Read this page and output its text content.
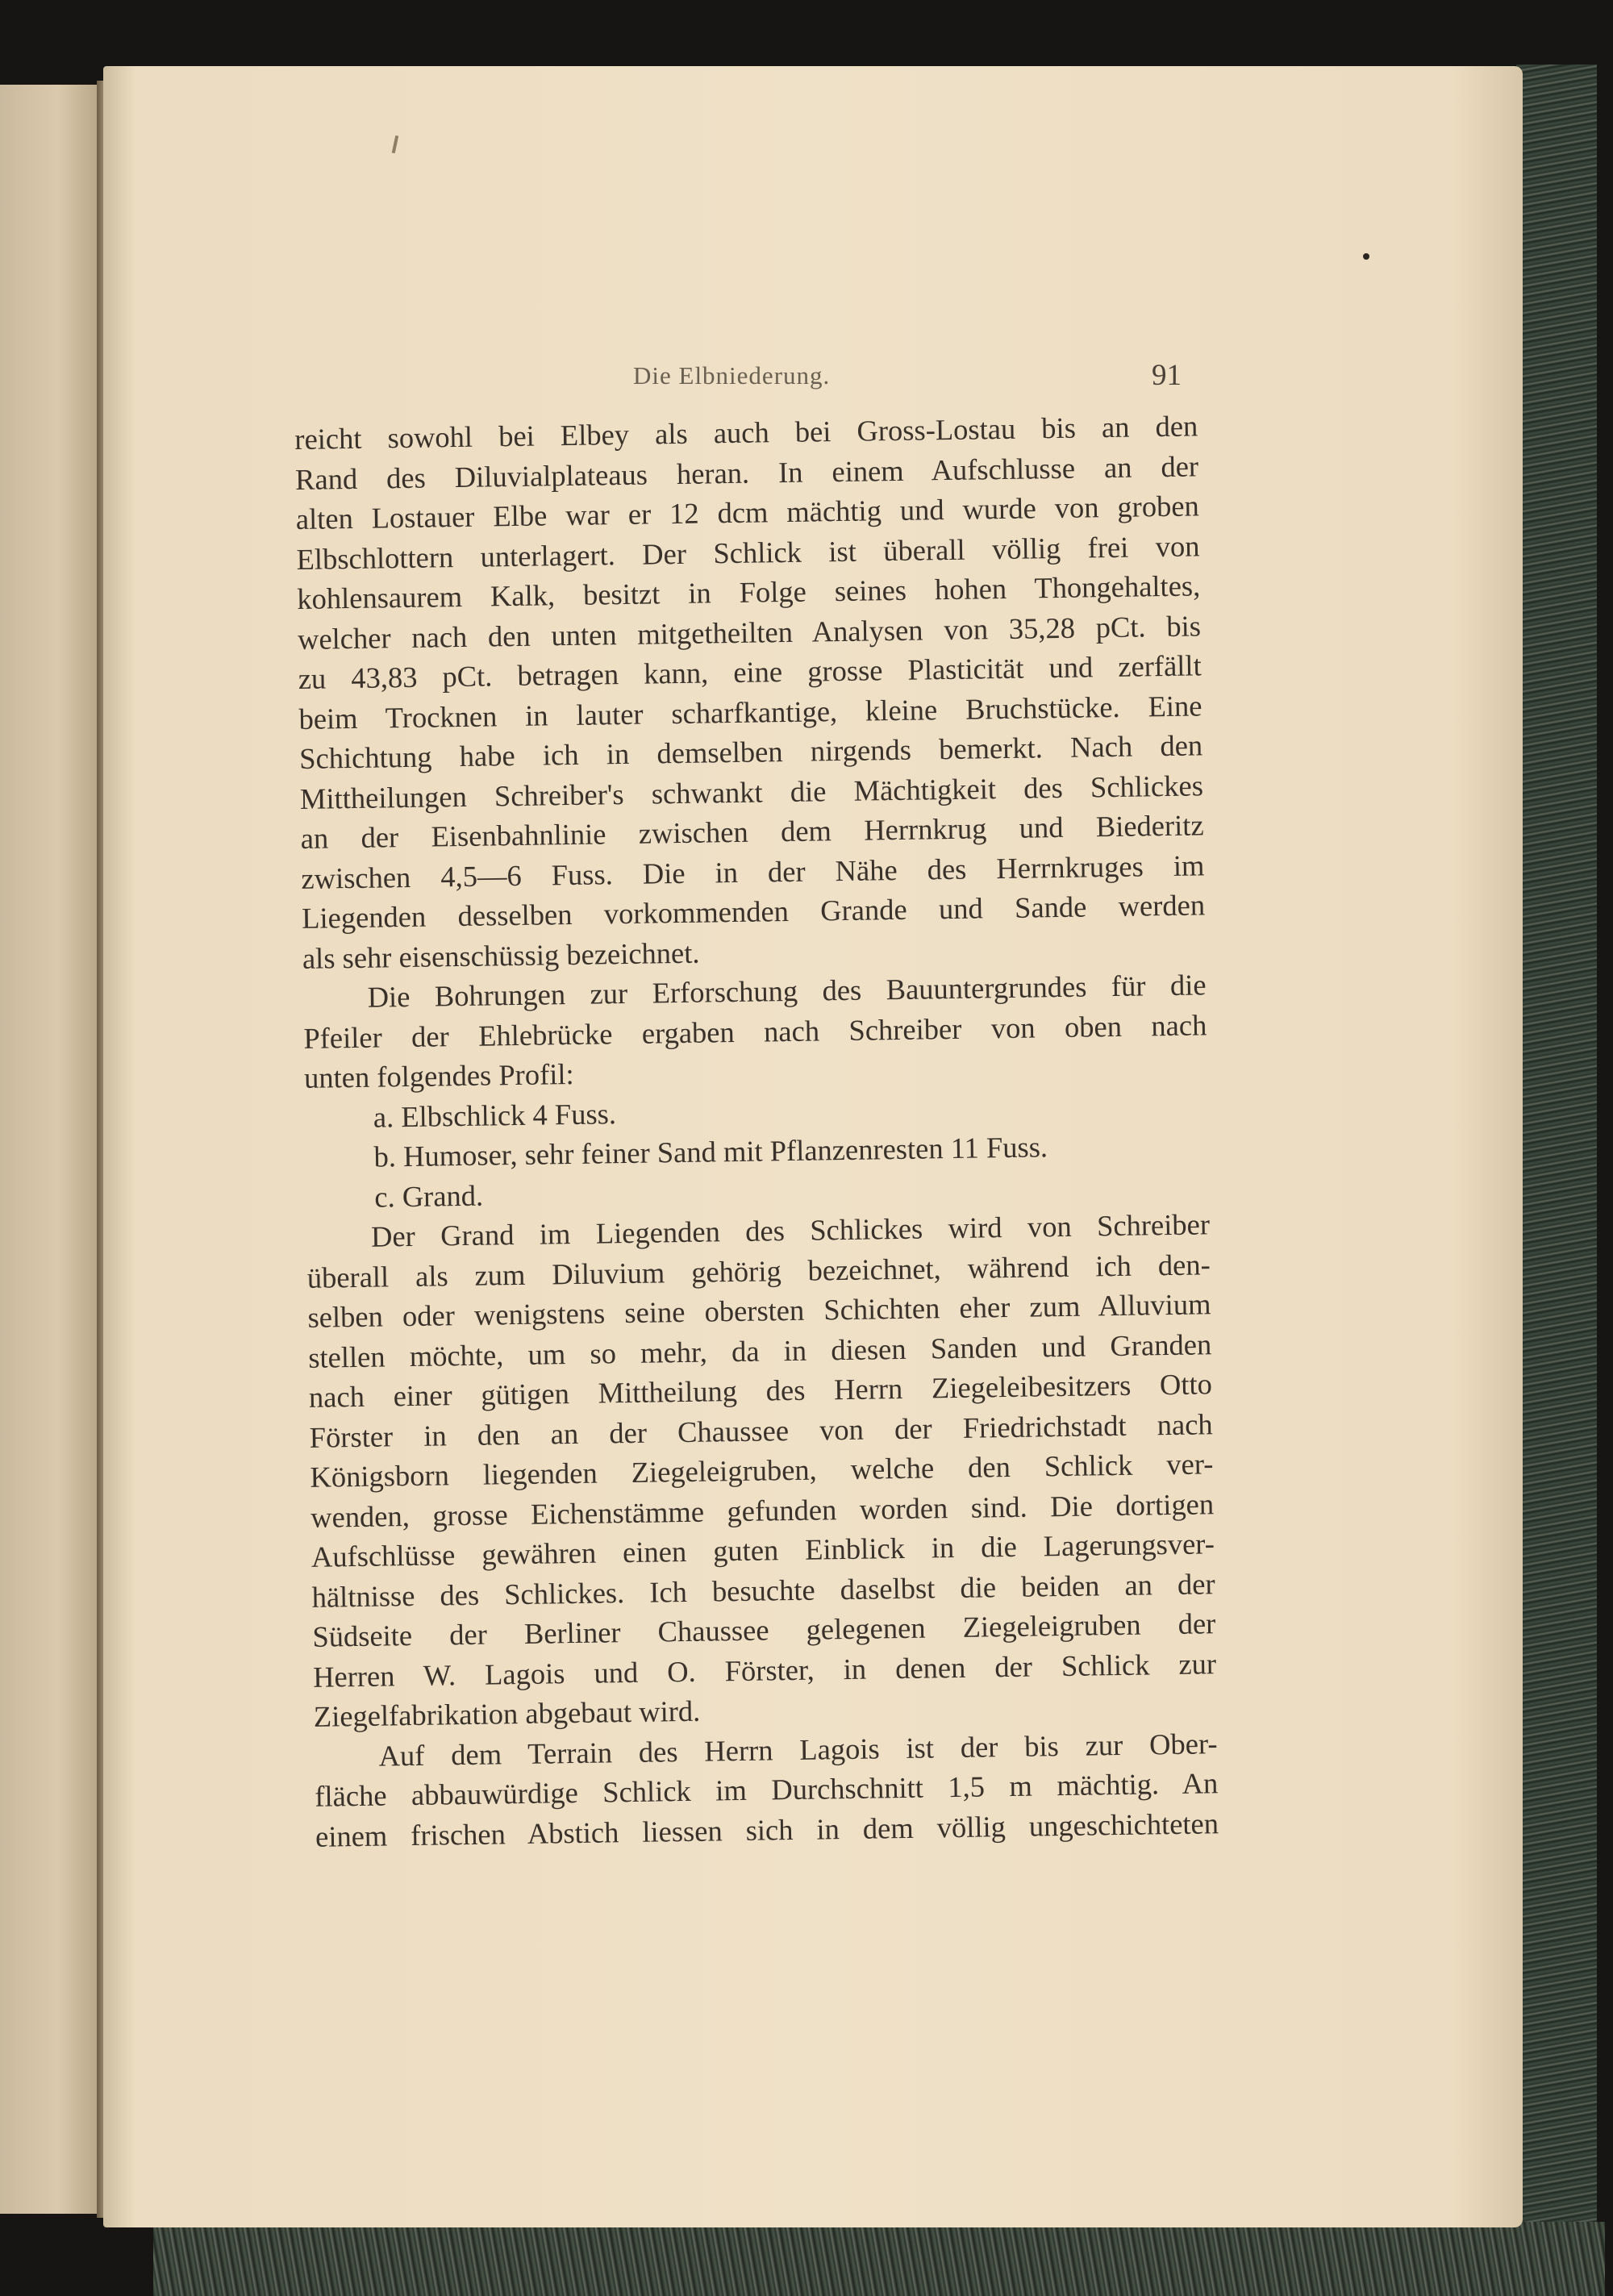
Die Elbniederung.	91
reicht sowohl bei Elbey als auch bei Gross-Lostau bis an den
Rand des Diluvialplateaus heran. In einem Aufschlusse an der
alten Lostauer Elbe war er 12 dcm mächtig und wurde von groben
Elbschlottern unterlagert. Der Schlick ist überall völlig frei von
kohlensaurem Kalk, besitzt in Folge seines hohen Thongehaltes,
welcher nach den unten mitgetheilten Analysen von 35,28 pCt. bis
zu 43,83 pCt. betragen kann, eine grosse Plasticität und zerfällt
beim Trocknen in lauter scharfkantige, kleine Bruchstücke. Eine
Schichtung habe ich in demselben nirgends bemerkt. Nach den
Mittheilungen Schreiber's schwankt die Mächtigkeit des Schlickes
an der Eisenbahnlinie zwischen dem Herrnkrug und Biederitz
zwischen 4,5—6 Fuss. Die in der Nähe des Herrnkruges im
Liegenden desselben vorkommenden Grande und Sande werden
als sehr eisenschüssig bezeichnet.
Die Bohrungen zur Erforschung des Bauuntergrundes für die
Pfeiler der Ehlebrücke ergaben nach Schreiber von oben nach
unten folgendes Profil:
a. Elbschlick 4 Fuss.
b. Humoser, sehr feiner Sand mit Pflanzenresten 11 Fuss.
c. Grand.
Der Grand im Liegenden des Schlickes wird von Schreiber
überall als zum Diluvium gehörig bezeichnet, während ich den-
selben oder wenigstens seine obersten Schichten eher zum Alluvium
stellen möchte, um so mehr, da in diesen Sanden und Granden
nach einer gütigen Mittheilung des Herrn Ziegeleibesitzers Otto
Förster in den an der Chaussee von der Friedrichstadt nach
Königsborn liegenden Ziegeleigruben, welche den Schlick ver-
wenden, grosse Eichenstämme gefunden worden sind. Die dortigen
Aufschlüsse gewähren einen guten Einblick in die Lagerungsver-
hältnisse des Schlickes. Ich besuchte daselbst die beiden an der
Südseite der Berliner Chaussee gelegenen Ziegeleigruben der
Herren W. Lagois und O. Förster, in denen der Schlick zur
Ziegelfabrikation abgebaut wird.
Auf dem Terrain des Herrn Lagois ist der bis zur Ober-
fläche abbauwürdige Schlick im Durchschnitt 1,5 m mächtig. An
einem frischen Abstich liessen sich in dem völlig ungeschichteten
